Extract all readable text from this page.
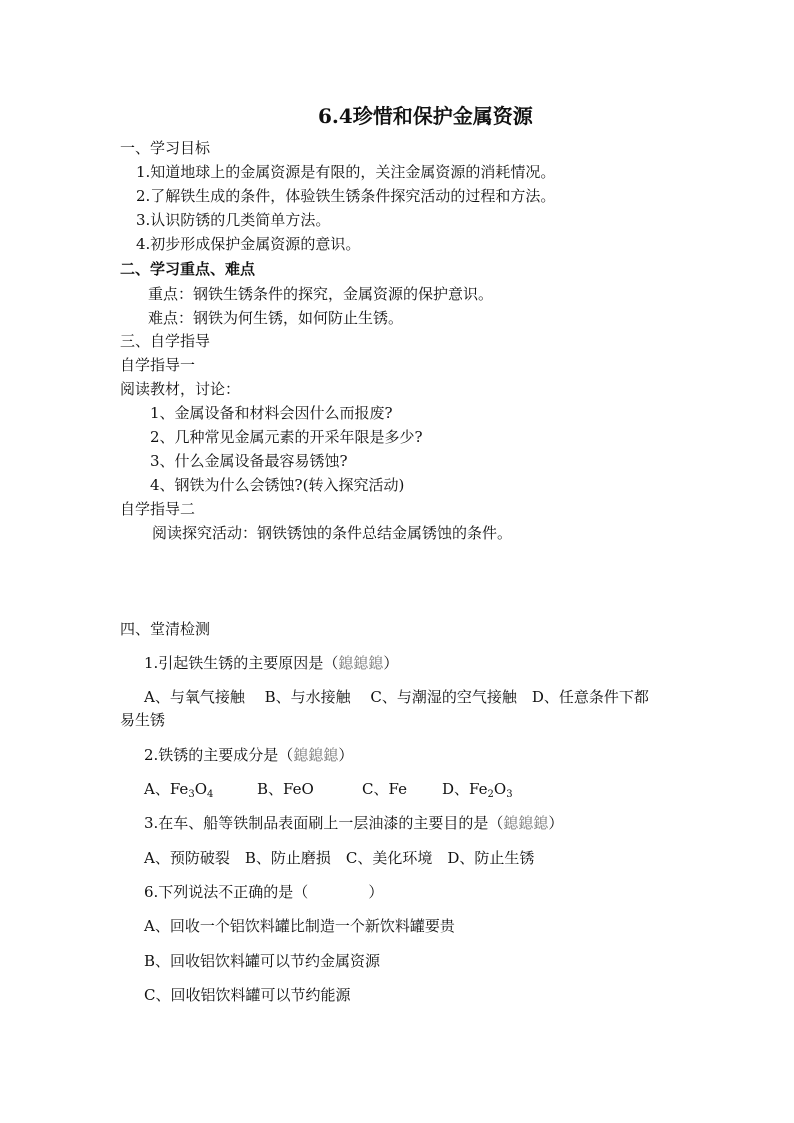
6.4珍惜和保护金属资源
一、学习目标
1.知道地球上的金属资源是有限的，关注金属资源的消耗情况。
2.了解铁生成的条件，体验铁生锈条件探究活动的过程和方法。
3.认识防锈的几类简单方法。
4.初步形成保护金属资源的意识。
二、学习重点、难点
重点：钢铁生锈条件的探究，金属资源的保护意识。
难点：钢铁为何生锈，如何防止生锈。
三、自学指导
自学指导一
阅读教材，讨论：
1、金属设备和材料会因什么而报废?
2、几种常见金属元素的开采年限是多少?
3、什么金属设备最容易锈蚀?
4、钢铁为什么会锈蚀?(转入探究活动)
自学指导二
阅读探究活动：钢铁锈蚀的条件总结金属锈蚀的条件。
四、堂清检测
1.引起铁生锈的主要原因是（鎴鎴鎴）
A、与氧气接触　 B、与水接触　 C、与潮湿的空气接触　D、任意条件下都
易生锈
2.铁锈的主要成分是（鎴鎴鎴）
A、$Fe_3O_4$	B、FeO	C、Fe D、$Fe_2O_3$
3.在车、船等铁制品表面刷上一层油漆的主要目的是（鎴鎴鎴）
A、预防破裂　B、防止磨损　C、美化环境　D、防止生锈
6.下列说法不正确的是（　　　　）
A、回收一个铝饮料罐比制造一个新饮料罐要贵
B、回收铝饮料罐可以节约金属资源
C、回收铝饮料罐可以节约能源
